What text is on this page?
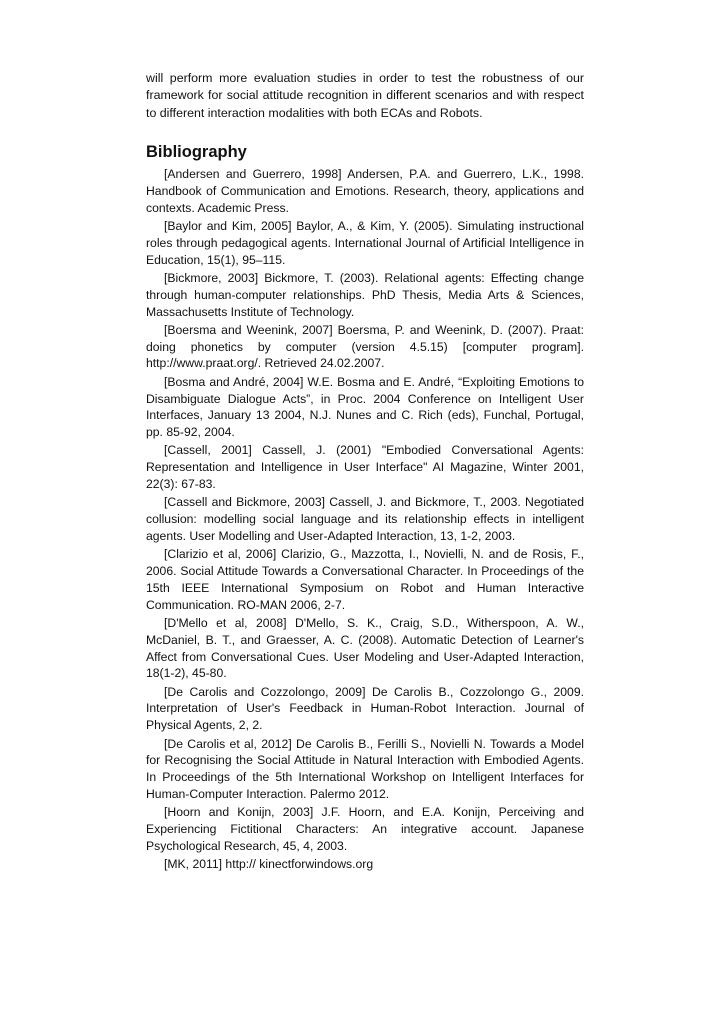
will perform more evaluation studies in order to test the robustness of our framework for social attitude recognition in different scenarios and with respect to different interaction modalities with both ECAs and Robots.

Bibliography
[Andersen and Guerrero, 1998] Andersen, P.A. and Guerrero, L.K., 1998. Handbook of Communication and Emotions. Research, theory, applications and contexts. Academic Press.
[Baylor and Kim, 2005] Baylor, A., & Kim, Y. (2005). Simulating instructional roles through pedagogical agents. International Journal of Artificial Intelligence in Education, 15(1), 95–115.
[Bickmore, 2003] Bickmore, T. (2003). Relational agents: Effecting change through human-computer relationships. PhD Thesis, Media Arts & Sciences, Massachusetts Institute of Technology.
[Boersma and Weenink, 2007] Boersma, P. and Weenink, D. (2007). Praat: doing phonetics by computer (version 4.5.15) [computer program]. http://www.praat.org/. Retrieved 24.02.2007.
[Bosma and André, 2004] W.E. Bosma and E. André, “Exploiting Emotions to Disambiguate Dialogue Acts”, in Proc. 2004 Conference on Intelligent User Interfaces, January 13 2004, N.J. Nunes and C. Rich (eds), Funchal, Portugal, pp. 85-92, 2004.
[Cassell, 2001] Cassell, J. (2001) "Embodied Conversational Agents: Representation and Intelligence in User Interface" AI Magazine, Winter 2001, 22(3): 67-83.
[Cassell and Bickmore, 2003] Cassell, J. and Bickmore, T., 2003. Negotiated collusion: modelling social language and its relationship effects in intelligent agents. User Modelling and User-Adapted Interaction, 13, 1-2, 2003.
[Clarizio et al, 2006] Clarizio, G., Mazzotta, I., Novielli, N. and de Rosis, F., 2006. Social Attitude Towards a Conversational Character. In Proceedings of the 15th IEEE International Symposium on Robot and Human Interactive Communication. RO-MAN 2006, 2-7.
[D'Mello et al, 2008] D'Mello, S. K., Craig, S.D., Witherspoon, A. W., McDaniel, B. T., and Graesser, A. C. (2008). Automatic Detection of Learner's Affect from Conversational Cues. User Modeling and User-Adapted Interaction, 18(1-2), 45-80.
[De Carolis and Cozzolongo, 2009] De Carolis B., Cozzolongo G., 2009. Interpretation of User's Feedback in Human-Robot Interaction. Journal of Physical Agents, 2, 2.
[De Carolis et al, 2012] De Carolis B., Ferilli S., Novielli N. Towards a Model for Recognising the Social Attitude in Natural Interaction with Embodied Agents. In Proceedings of the 5th International Workshop on Intelligent Interfaces for Human-Computer Interaction. Palermo 2012.
[Hoorn and Konijn, 2003] J.F. Hoorn, and E.A. Konijn, Perceiving and Experiencing Fictitional Characters: An integrative account. Japanese Psychological Research, 45, 4, 2003.
[MK, 2011] http:// kinectforwindows.org
